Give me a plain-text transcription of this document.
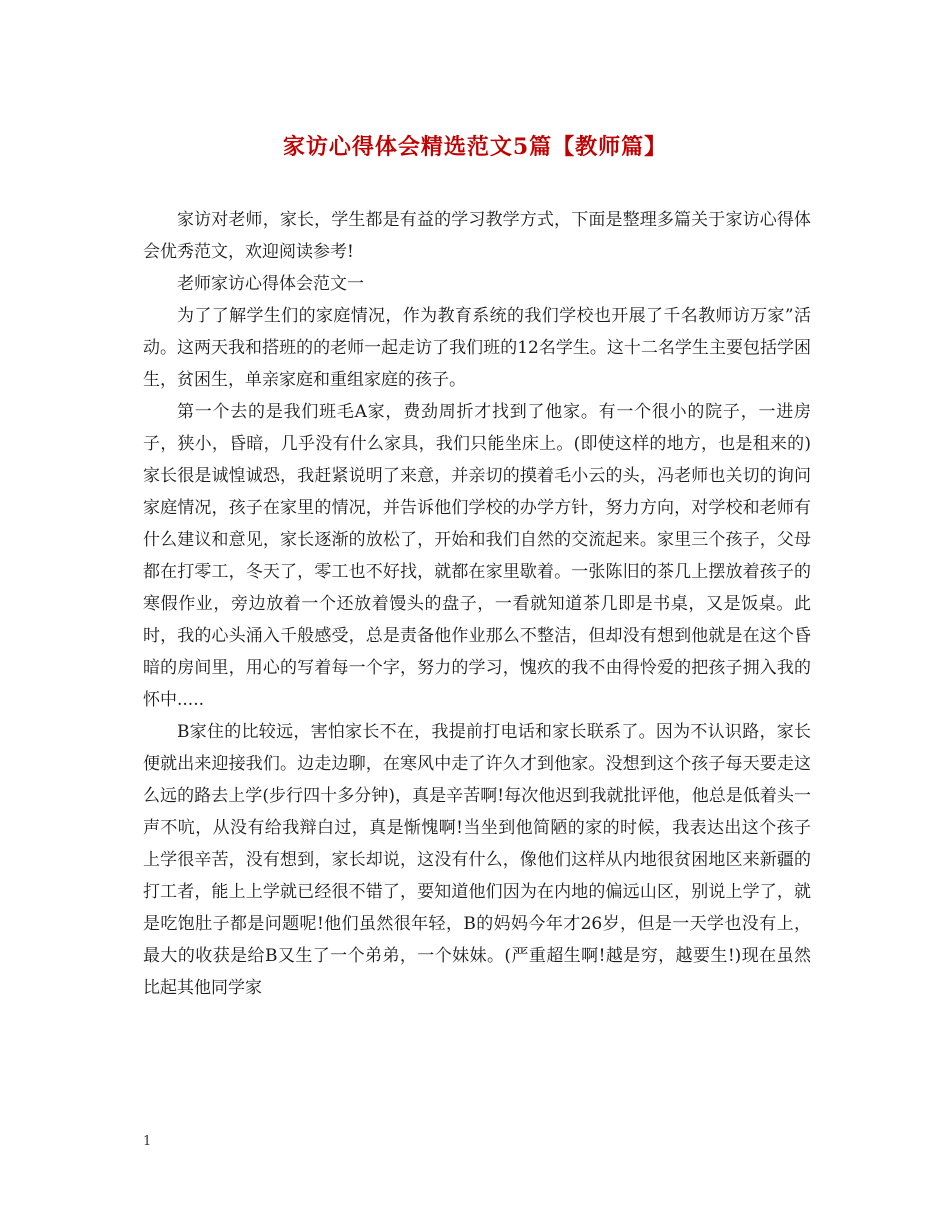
家访心得体会精选范文5篇【教师篇】

家访对老师，家长，学生都是有益的学习教学方式，下面是整理多篇关于家访心得体会优秀范文，欢迎阅读参考!

老师家访心得体会范文一

为了了解学生们的家庭情况，作为教育系统的我们学校也开展了千名教师访万家”活动。这两天我和搭班的的老师一起走访了我们班的12名学生。这十二名学生主要包括学困生，贫困生，单亲家庭和重组家庭的孩子。

第一个去的是我们班毛A家，费劲周折才找到了他家。有一个很小的院子，一进房子，狭小，昏暗，几乎没有什么家具，我们只能坐床上。(即使这样的地方，也是租来的)家长很是诚惶诚恐，我赶紧说明了来意，并亲切的摸着毛小云的头，冯老师也关切的询问家庭情况，孩子在家里的情况，并告诉他们学校的办学方针，努力方向，对学校和老师有什么建议和意见，家长逐渐的放松了，开始和我们自然的交流起来。家里三个孩子，父母都在打零工，冬天了，零工也不好找，就都在家里歇着。一张陈旧的茶几上摆放着孩子的寒假作业，旁边放着一个还放着馒头的盘子，一看就知道茶几即是书桌，又是饭桌。此时，我的心头涌入千般感受，总是责备他作业那么不整洁，但却没有想到他就是在这个昏暗的房间里，用心的写着每一个字，努力的学习，愧疚的我不由得怜爱的把孩子拥入我的怀中.....

B家住的比较远，害怕家长不在，我提前打电话和家长联系了。因为不认识路，家长便就出来迎接我们。边走边聊，在寒风中走了许久才到他家。没想到这个孩子每天要走这么远的路去上学(步行四十多分钟)，真是辛苦啊!每次他迟到我就批评他，他总是低着头一声不吭，从没有给我辩白过，真是惭愧啊!当坐到他简陋的家的时候，我表达出这个孩子上学很辛苦，没有想到，家长却说，这没有什么，像他们这样从内地很贫困地区来新疆的打工者，能上上学就已经很不错了，要知道他们因为在内地的偏远山区，别说上学了，就是吃饱肚子都是问题呢!他们虽然很年轻，B的妈妈今年才26岁，但是一天学也没有上，最大的收获是给B又生了一个弟弟，一个妹妹。(严重超生啊!越是穷，越要生!)现在虽然比起其他同学家

1
